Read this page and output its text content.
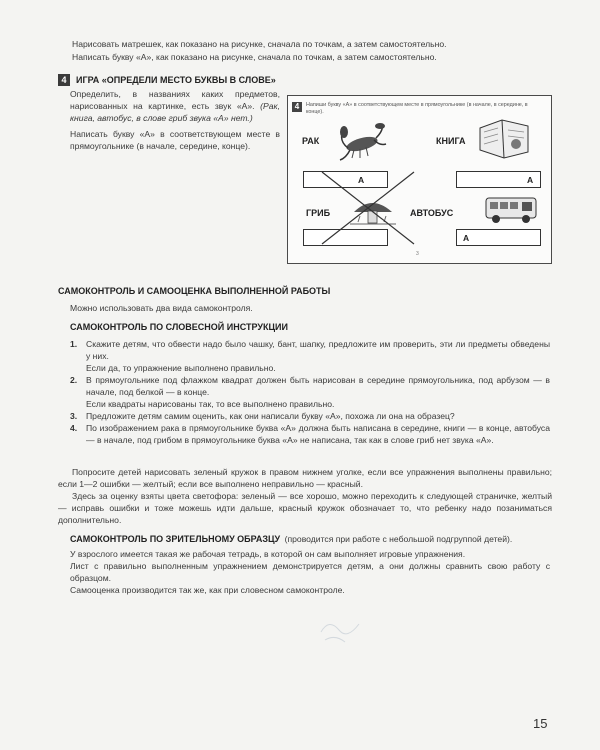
Нарисовать матрешек, как показано на рисунке, сначала по точкам, а затем самостоятельно.
Написать букву «А», как показано на рисунке, сначала по точкам, а затем самостоятельно.
4 ИГРА «ОПРЕДЕЛИ МЕСТО БУКВЫ В СЛОВЕ»

Определить, в названиях каких предметов, нарисованных на картинке, есть звук «А». (Рак, книга, автобус, в слове гриб звука «А» нет.)

Написать букву «А» в соответствующем месте в прямоугольнике (в начале, середине, конце).

4	Напиши букву «А» в соответствующем месте в прямоугольнике (в начале, в середине, в конце).
РАК
А
КНИГА
А
ГРИБ	АВТОБУС
А
3
САМОКОНТРОЛЬ И САМООЦЕНКА ВЫПОЛНЕННОЙ РАБОТЫ
Можно использовать два вида самоконтроля.
САМОКОНТРОЛЬ ПО СЛОВЕСНОЙ ИНСТРУКЦИИ
1. Скажите детям, что обвести надо было чашку, бант, шапку, предложите им проверить, эти ли предметы обведены у них.
Если да, то упражнение выполнено правильно.
2. В прямоугольнике под флажком квадрат должен быть нарисован в середине прямоугольника, под арбузом — в начале, под белкой — в конце.
Если квадраты нарисованы так, то все выполнено правильно.
3. Предложите детям самим оценить, как они написали букву «А», похожа ли она на образец?
4. По изображением рака в прямоугольнике буква «А» должна быть написана в середине, книги — в конце, автобуса — в начале, под грибом в прямоугольнике буква «А» не написана, так как в слове гриб нет звука «А».

Попросите детей нарисовать зеленый кружок в правом нижнем уголке, если все упражнения выполнены правильно; если 1—2 ошибки — желтый; если все выполнено неправильно — красный.

Здесь за оценку взяты цвета светофора: зеленый — все хорошо, можно переходить к следующей страничке, желтый — исправь ошибки и тоже можешь идти дальше, красный кружок обозначает то, что ребенку надо позаниматься дополнительно.

САМОКОНТРОЛЬ ПО ЗРИТЕЛЬНОМУ ОБРАЗЦУ (проводится при работе с небольшой подгруппой детей).
У взрослого имеется такая же рабочая тетрадь, в которой он сам выполняет игровые упражнения.
Лист с правильно выполненным упражнением демонстрируется детям, а они должны сравнить свою работу с образцом.
Самооценка производится так же, как при словесном самоконтроле.
15
